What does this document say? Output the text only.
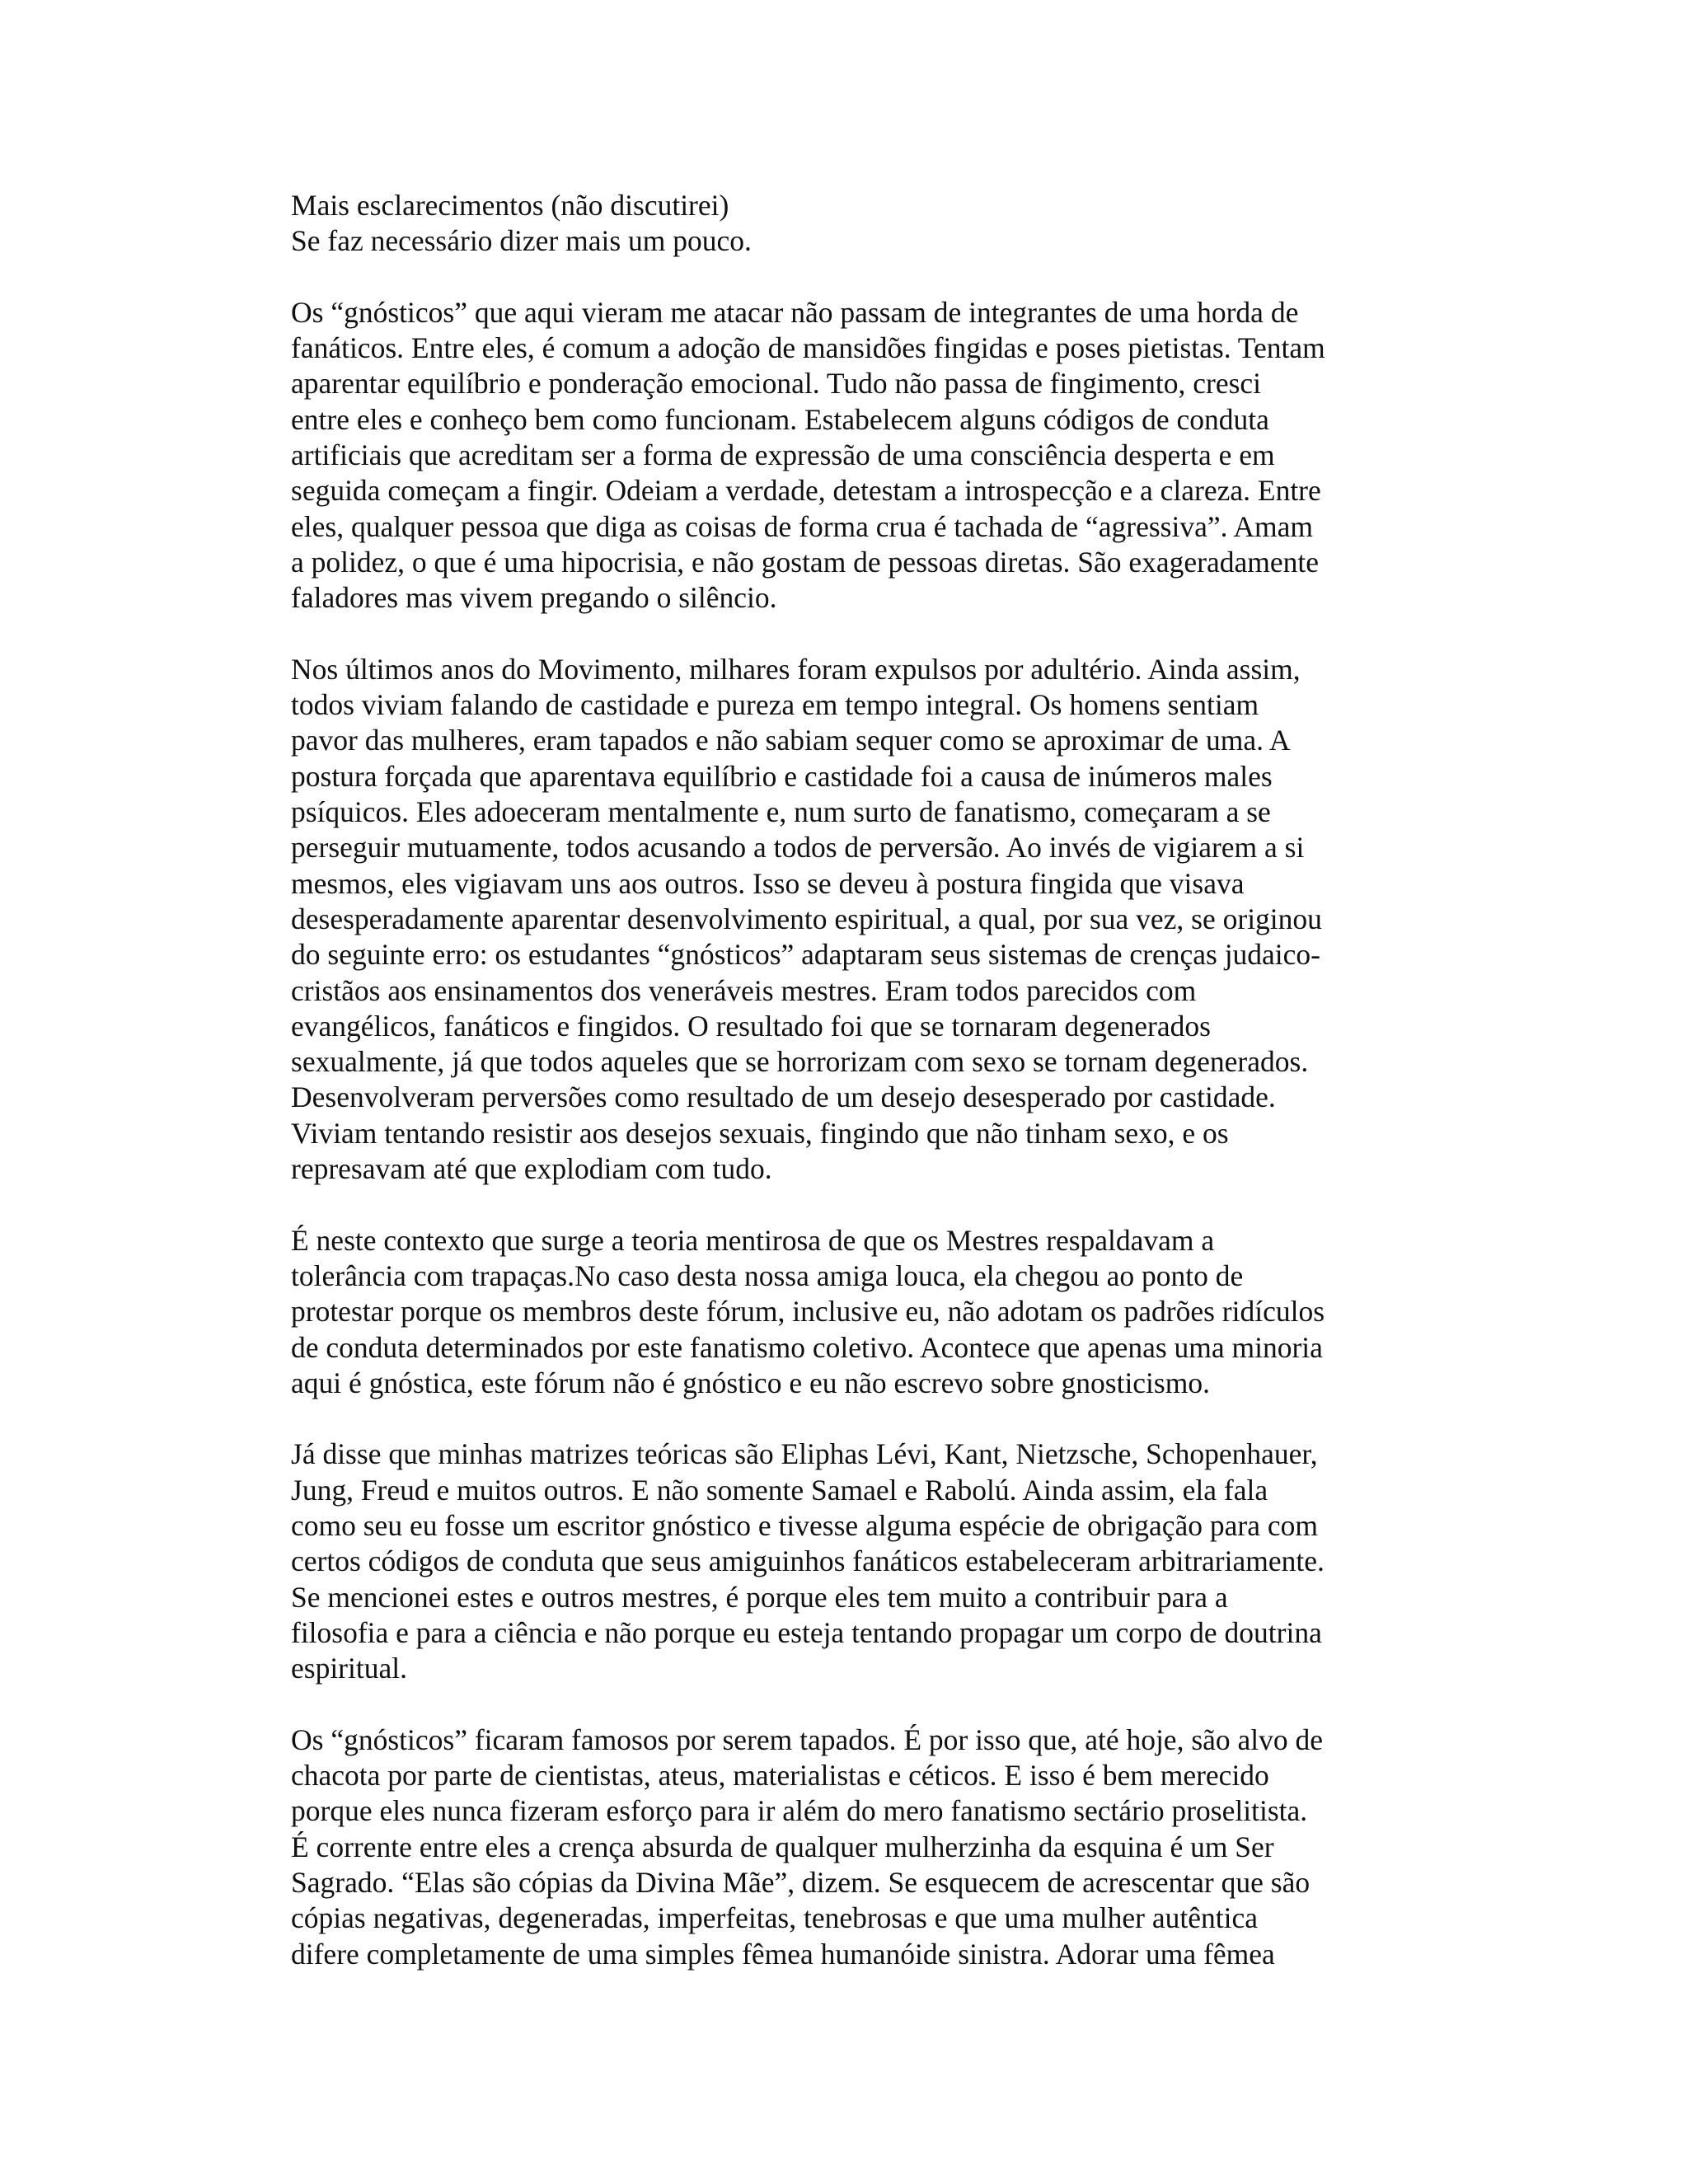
Mais esclarecimentos (não discutirei)
Se faz necessário dizer mais um pouco.
Os “gnósticos” que aqui vieram me atacar não passam de integrantes de uma horda de
fanáticos. Entre eles, é comum a adoção de mansidões fingidas e poses pietistas. Tentam
aparentar equilíbrio e ponderação emocional. Tudo não passa de fingimento, cresci
entre eles e conheço bem como funcionam. Estabelecem alguns códigos de conduta
artificiais que acreditam ser a forma de expressão de uma consciência desperta e em
seguida começam a fingir. Odeiam a verdade, detestam a introspecção e a clareza. Entre
eles, qualquer pessoa que diga as coisas de forma crua é tachada de “agressiva”. Amam
a polidez, o que é uma hipocrisia, e não gostam de pessoas diretas. São exageradamente
faladores mas vivem pregando o silêncio.
Nos últimos anos do Movimento, milhares foram expulsos por adultério. Ainda assim,
todos viviam falando de castidade e pureza em tempo integral. Os homens sentiam
pavor das mulheres, eram tapados e não sabiam sequer como se aproximar de uma. A
postura forçada que aparentava equilíbrio e castidade foi a causa de inúmeros males
psíquicos. Eles adoeceram mentalmente e, num surto de fanatismo, começaram a se
perseguir mutuamente, todos acusando a todos de perversão. Ao invés de vigiarem a si
mesmos, eles vigiavam uns aos outros. Isso se deveu à postura fingida que visava
desesperadamente aparentar desenvolvimento espiritual, a qual, por sua vez, se originou
do seguinte erro: os estudantes “gnósticos” adaptaram seus sistemas de crenças judaico-
cristãos aos ensinamentos dos veneráveis mestres. Eram todos parecidos com
evangélicos, fanáticos e fingidos. O resultado foi que se tornaram degenerados
sexualmente, já que todos aqueles que se horrorizam com sexo se tornam degenerados.
Desenvolveram perversões como resultado de um desejo desesperado por castidade.
Viviam tentando resistir aos desejos sexuais, fingindo que não tinham sexo, e os
represavam até que explodiam com tudo.
É neste contexto que surge a teoria mentirosa de que os Mestres respaldavam a
tolerância com trapaças.No caso desta nossa amiga louca, ela chegou ao ponto de
protestar porque os membros deste fórum, inclusive eu, não adotam os padrões ridículos
de conduta determinados por este fanatismo coletivo. Acontece que apenas uma minoria
aqui é gnóstica, este fórum não é gnóstico e eu não escrevo sobre gnosticismo.
Já disse que minhas matrizes teóricas são Eliphas Lévi, Kant, Nietzsche, Schopenhauer,
Jung, Freud e muitos outros. E não somente Samael e Rabolú. Ainda assim, ela fala
como seu eu fosse um escritor gnóstico e tivesse alguma espécie de obrigação para com
certos códigos de conduta que seus amiguinhos fanáticos estabeleceram arbitrariamente.
Se mencionei estes e outros mestres, é porque eles tem muito a contribuir para a
filosofia e para a ciência e não porque eu esteja tentando propagar um corpo de doutrina
espiritual.
Os “gnósticos” ficaram famosos por serem tapados. É por isso que, até hoje, são alvo de
chacota por parte de cientistas, ateus, materialistas e céticos. E isso é bem merecido
porque eles nunca fizeram esforço para ir além do mero fanatismo sectário proselitista.
É corrente entre eles a crença absurda de qualquer mulherzinha da esquina é um Ser
Sagrado. “Elas são cópias da Divina Mãe”, dizem. Se esquecem de acrescentar que são
cópias negativas, degeneradas, imperfeitas, tenebrosas e que uma mulher autêntica
difere completamente de uma simples fêmea humanóide sinistra. Adorar uma fêmea
